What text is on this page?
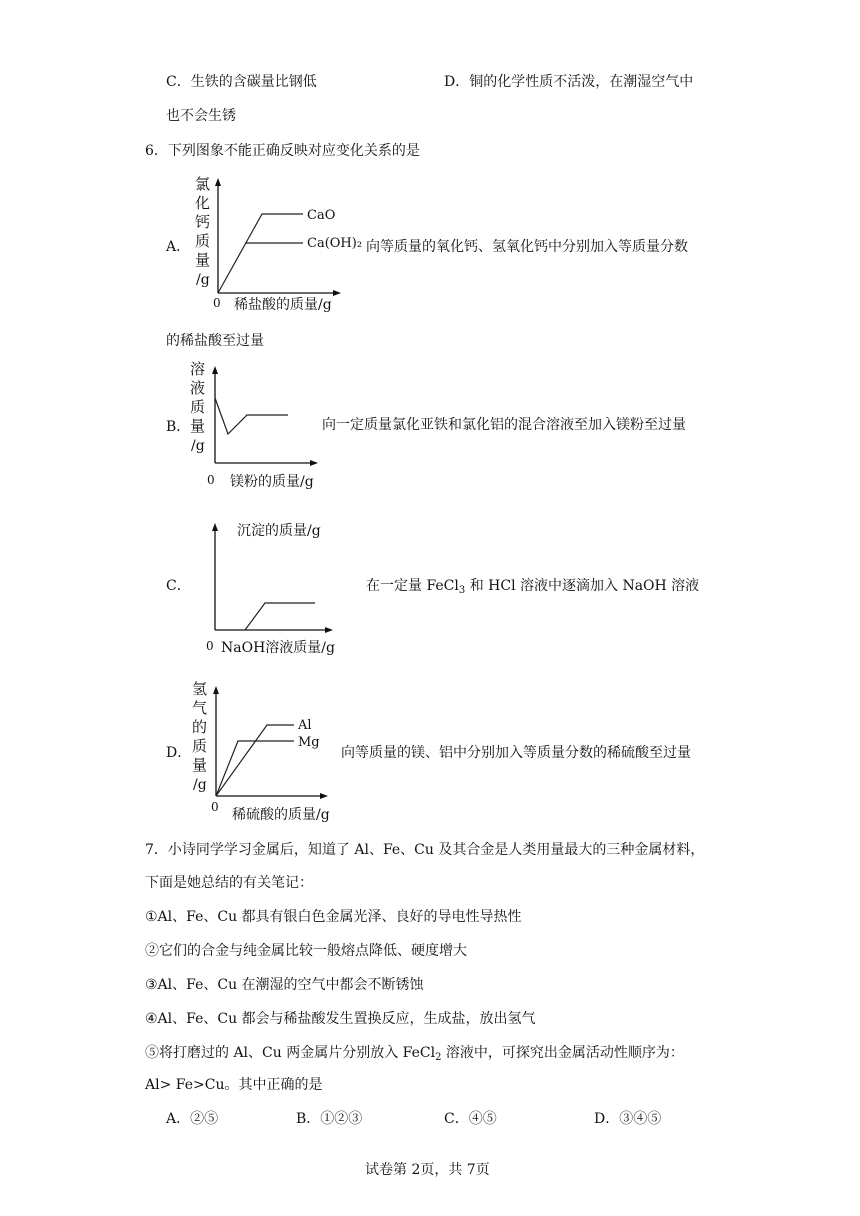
C．生铁的含碳量比钢低	D．铜的化学性质不活泼，在潮湿空气中
也不会生锈
6．下列图象不能正确反映对应变化关系的是
A．
氯
化
钙
质
量
/g
CaO
Ca(OH)₂
0 稀盐酸的质量/g
向等质量的氧化钙、氢氧化钙中分别加入等质量分数
的稀盐酸至过量
B．
溶
液
质
量
/g
0 镁粉的质量/g
向一定质量氯化亚铁和氯化铝的混合溶液至加入镁粉至过量
C．
沉淀的质量/g
0 NaOH溶液质量/g
在一定量 FeCl$_3$ 和 HCl 溶液中逐滴加入 NaOH 溶液
D．
氢
气
的
质
量
/g
Al
Mg
0 稀硫酸的质量/g
向等质量的镁、铝中分别加入等质量分数的稀硫酸至过量
7．小诗同学学习金属后，知道了 Al、Fe、Cu 及其合金是人类用量最大的三种金属材料，
下面是她总结的有关笔记：
①Al、Fe、Cu 都具有银白色金属光泽、良好的导电性导热性
②它们的合金与纯金属比较一般熔点降低、硬度增大
③Al、Fe、Cu 在潮湿的空气中都会不断锈蚀
④Al、Fe、Cu 都会与稀盐酸发生置换反应，生成盐，放出氢气
⑤将打磨过的 Al、Cu 两金属片分别放入 FeCl$_2$ 溶液中，可探究出金属活动性顺序为：
Al> Fe>Cu。其中正确的是
A．②⑤	B．①②③	C．④⑤	D．③④⑤
试卷第 2页，共 7页
